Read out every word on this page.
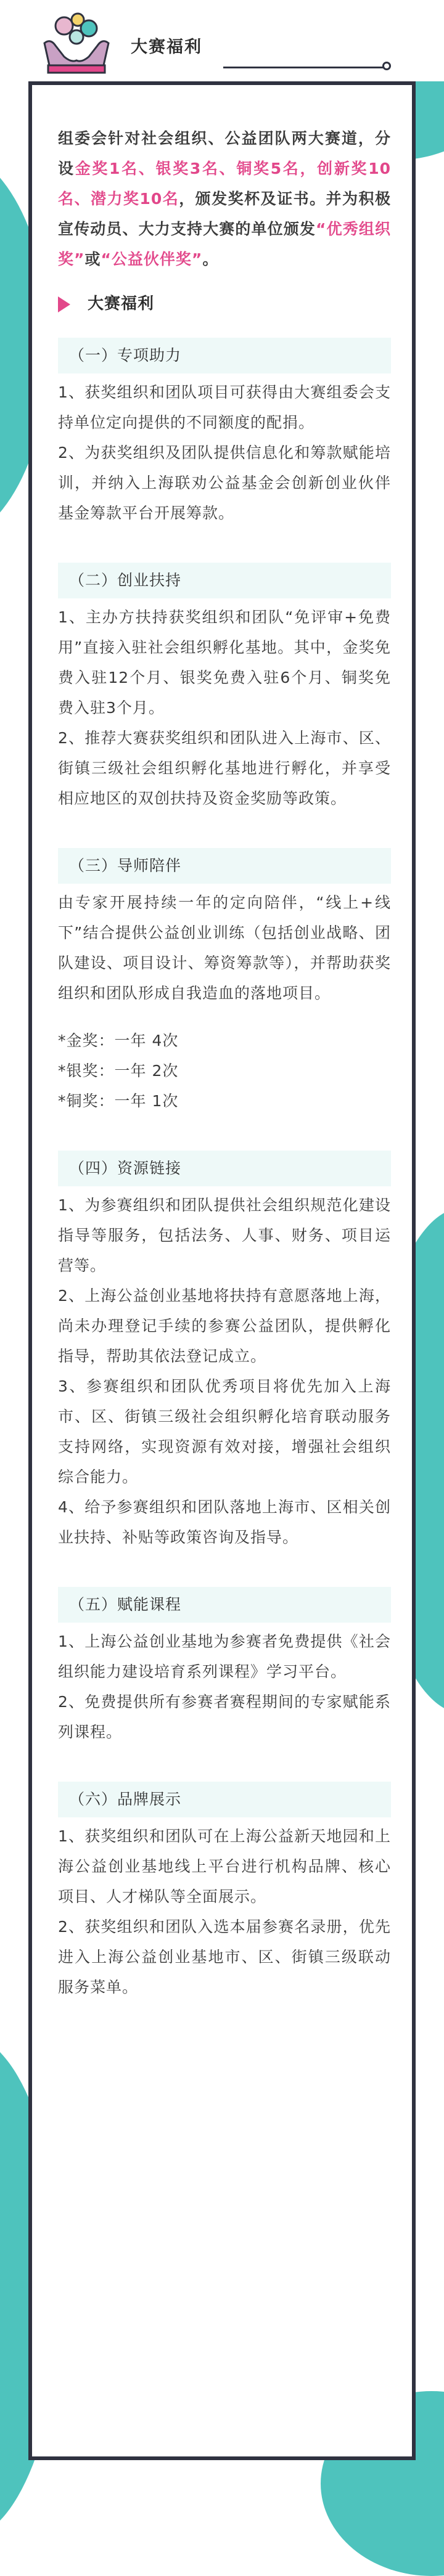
大赛福利
组委会针对社会组织、公益团队两大赛道，分设金奖1名、银奖3名、铜奖5名，创新奖10名、潜力奖10名，颁发奖杯及证书。并为积极宣传动员、大力支持大赛的单位颁发“优秀组织奖”或“公益伙伴奖”。
大赛福利
（一）专项助力

1、获奖组织和团队项目可获得由大赛组委会支持单位定向提供的不同额度的配捐。

2、为获奖组织及团队提供信息化和筹款赋能培训，并纳入上海联劝公益基金会创新创业伙伴基金筹款平台开展筹款。

（二）创业扶持

1、主办方扶持获奖组织和团队“免评审+免费用”直接入驻社会组织孵化基地。其中，金奖免费入驻12个月、银奖免费入驻6个月、铜奖免费入驻3个月。

2、推荐大赛获奖组织和团队进入上海市、区、街镇三级社会组织孵化基地进行孵化，并享受相应地区的双创扶持及资金奖励等政策。

（三）导师陪伴

由专家开展持续一年的定向陪伴，“线上+线下”结合提供公益创业训练（包括创业战略、团队建设、项目设计、筹资筹款等），并帮助获奖组织和团队形成自我造血的落地项目。

*金奖：一年 4次

*银奖：一年 2次

*铜奖：一年 1次

（四）资源链接

1、为参赛组织和团队提供社会组织规范化建设指导等服务，包括法务、人事、财务、项目运营等。

2、上海公益创业基地将扶持有意愿落地上海，尚未办理登记手续的参赛公益团队，提供孵化指导，帮助其依法登记成立。

3、参赛组织和团队优秀项目将优先加入上海市、区、街镇三级社会组织孵化培育联动服务支持网络，实现资源有效对接，增强社会组织综合能力。

4、给予参赛组织和团队落地上海市、区相关创业扶持、补贴等政策咨询及指导。

（五）赋能课程

1、上海公益创业基地为参赛者免费提供《社会组织能力建设培育系列课程》学习平台。

2、免费提供所有参赛者赛程期间的专家赋能系列课程。

（六）品牌展示

1、获奖组织和团队可在上海公益新天地园和上海公益创业基地线上平台进行机构品牌、核心项目、人才梯队等全面展示。

2、获奖组织和团队入选本届参赛名录册，优先进入上海公益创业基地市、区、街镇三级联动服务菜单。
